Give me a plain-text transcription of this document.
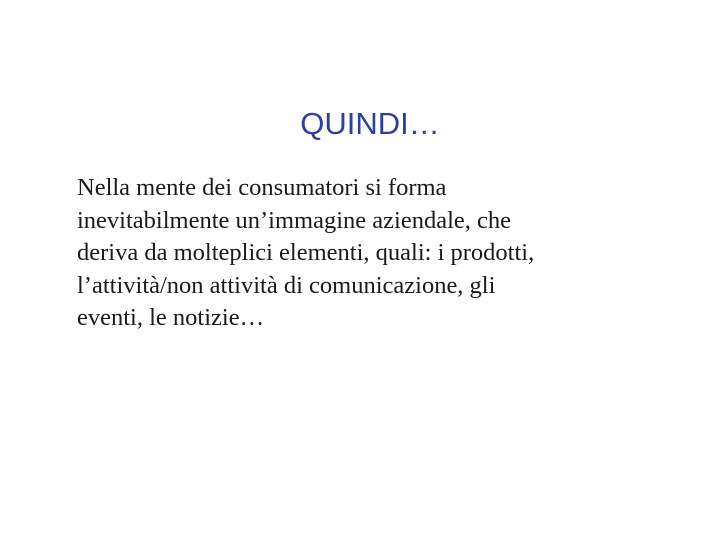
QUINDI…

Nella mente dei consumatori si forma
inevitabilmente un’immagine aziendale, che
deriva da molteplici elementi, quali: i prodotti,
l’attività/non attività di comunicazione, gli
eventi, le notizie…
